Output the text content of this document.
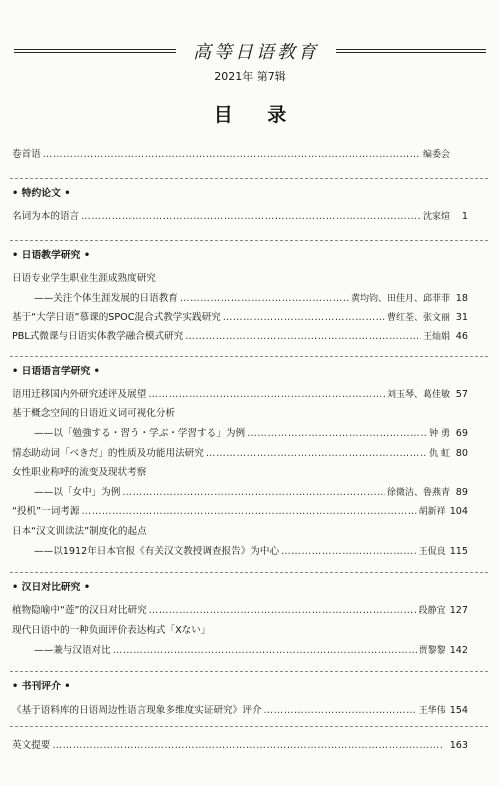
高等日语教育
2021年 第7辑
目 录
卷首语 ……………………………………………………………………………………………………………………………………………………………	编委会
• 特约论文 •
名词为本的语言 ……………………………………………………………………………………………………………………………………………………………	沈家煊	1
• 日语教学研究 •
日语专业学生职业生涯成熟度研究
——关注个体生涯发展的日语教育 ……………………………………………………………………………………………………………………………………………………………	黄均钧、田佳月、邱菲菲 18
基于“大学日语”慕课的SPOC混合式教学实践研究 ……………………………………………………………………………………………………………………………………………………………	曹红荃、张文丽 31
PBL式微课与日语实体教学融合模式研究 ……………………………………………………………………………………………………………………………………………………………	王灿娟 46
• 日语语言学研究 •
语用迁移国内外研究述评及展望 ……………………………………………………………………………………………………………………………………………………………	刘玉琴、葛佳敏 57
基于概念空间的日语近义词可视化分析
——以「勉強する・習う・学ぶ・学習する」为例 ……………………………………………………………………………………………………………………………………………………………	钟 勇 69
情态助动词「べきだ」的性质及功能用法研究 ……………………………………………………………………………………………………………………………………………………………	仇 虹 80
女性职业称呼的流变及现状考察
——以「女中」为例 ……………………………………………………………………………………………………………………………………………………………	徐微洁、鲁燕青 89
“投机”一词考源 ……………………………………………………………………………………………………………………………………………………………	胡新祥 104
日本“汉文训读法”制度化的起点
——以1912年日本官报《有关汉文教授调查报告》为中心 ……………………………………………………………………………………………………………………………………………………………	王侃良 115
• 汉日对比研究 •
植物隐喻中“莲”的汉日对比研究 ……………………………………………………………………………………………………………………………………………………………	段静宜 127
现代日语中的一种负面评价表达构式「Xない」
——兼与汉语对比 ……………………………………………………………………………………………………………………………………………………………	贾黎黎 142
• 书刊评介 •
《基于语料库的日语周边性语言现象多维度实证研究》评介 ……………………………………………………………………………………………………………………………………………………………	王华伟 154
英文提要 ……………………………………………………………………………………………………………………………………………………………	163
